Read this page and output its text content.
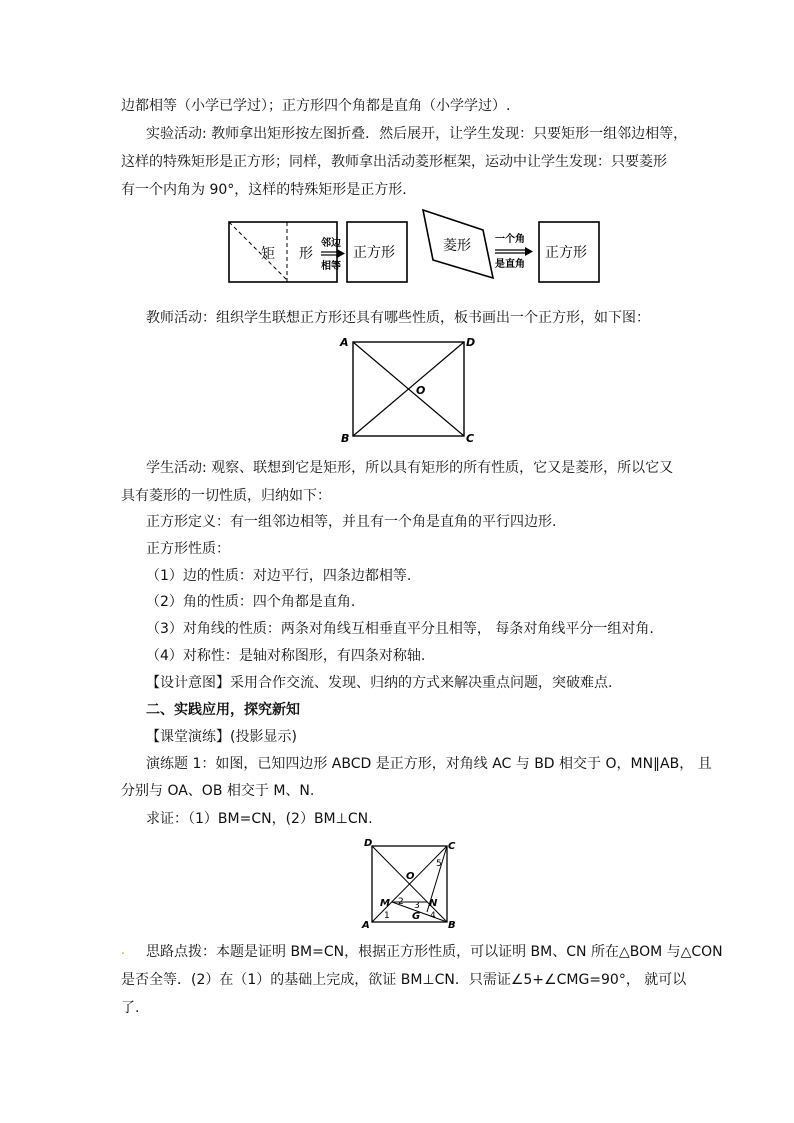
边都相等（小学已学过）；正方形四个角都是直角（小学学过）.
实验活动: 教师拿出矩形按左图折叠．然后展开，让学生发现：只要矩形一组邻边相等，
这样的特殊矩形是正方形；同样，教师拿出活动菱形框架，运动中让学生发现：只要菱形
有一个内角为 90°，这样的特殊矩形是正方形.
矩 形
邻边
相等
正方形	菱形 一个角
是直角
正方形
教师活动：组织学生联想正方形还具有哪些性质，板书画出一个正方形，如下图：
A	D
O
B	C
学生活动: 观察、联想到它是矩形，所以具有矩形的所有性质，它又是菱形，所以它又
具有菱形的一切性质，归纳如下：
正方形定义：有一组邻边相等，并且有一个角是直角的平行四边形.
正方形性质：
（1）边的性质：对边平行，四条边都相等.
（2）角的性质：四个角都是直角.
（3）对角线的性质：两条对角线互相垂直平分且相等， 每条对角线平分一组对角.
（4）对称性：是轴对称图形，有四条对称轴.
【设计意图】采用合作交流、发现、归纳的方式来解决重点问题，突破难点.
二、实践应用，探究新知
【课堂演练】(投影显示)
演练题 1：如图，已知四边形 ABCD 是正方形，对角线 AC 与 BD 相交于 O，MN∥AB， 且
分别与 OA、OB 相交于 M、N.
求证：（1）BM=CN，(2）BM⊥CN.
D	C
O
5
M	N
2 3
1 G 4
A	B
. 思路点拨：本题是证明 BM=CN，根据正方形性质，可以证明 BM、CN 所在△BOM 与△CON
是否全等．(2）在（1）的基础上完成，欲证 BM⊥CN．只需证∠5+∠CMG=90°， 就可以
了.
